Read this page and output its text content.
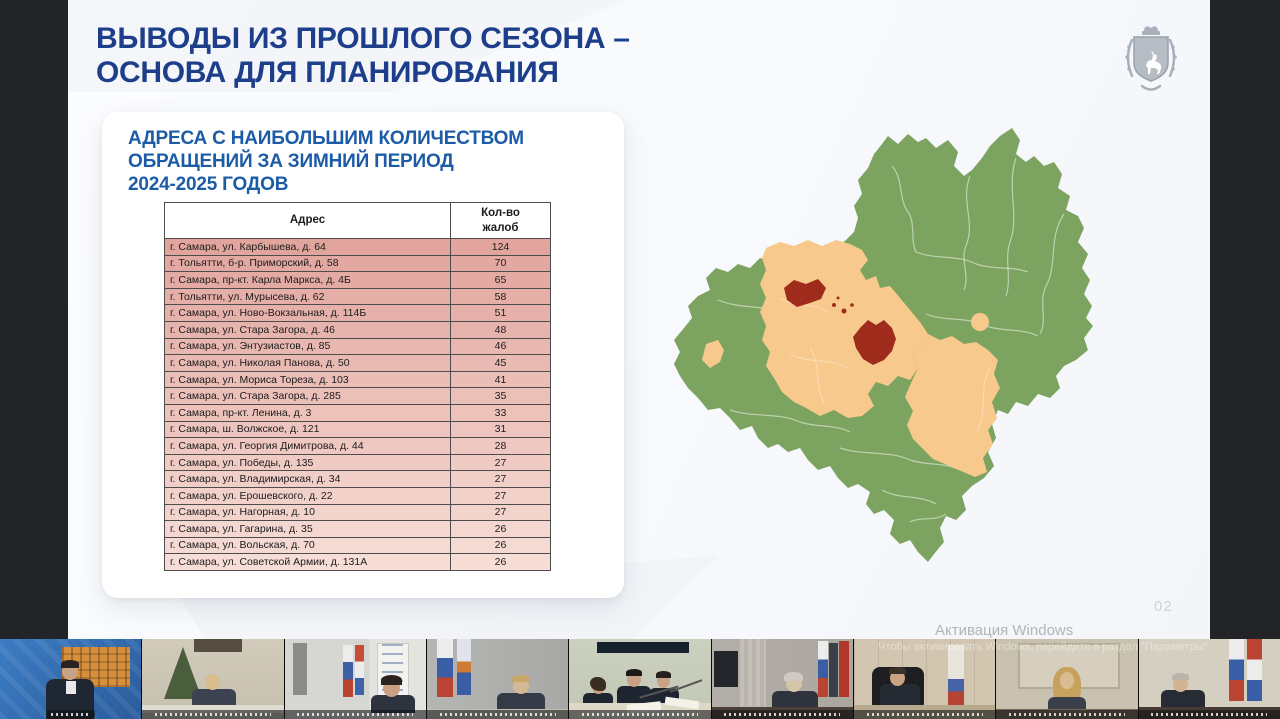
ВЫВОДЫ ИЗ ПРОШЛОГО СЕЗОНА –
ОСНОВА ДЛЯ ПЛАНИРОВАНИЯ
АДРЕСА С НАИБОЛЬШИМ КОЛИЧЕСТВОМ
ОБРАЩЕНИЙ ЗА ЗИМНИЙ ПЕРИОД
2024-2025 ГОДОВ
Адрес	Кол-во
жалоб

г. Самара, ул. Карбышева, д. 64	124
г. Тольятти, б-р. Приморский, д. 58	70
г. Самара, пр-кт. Карла Маркса, д. 4Б	65
г. Тольятти, ул. Мурысева, д. 62	58
г. Самара, ул. Ново-Вокзальная, д. 114Б	51
г. Самара, ул. Стара Загора, д. 46	48
г. Самара, ул. Энтузиастов, д. 85	46
г. Самара, ул. Николая Панова, д. 50	45
г. Самара, ул. Мориса Тореза, д. 103	41
г. Самара, ул. Стара Загора, д. 285	35
г. Самара, пр-кт. Ленина, д. 3	33
г. Самара, ш. Волжское, д. 121	31
г. Самара, ул. Георгия Димитрова, д. 44	28
г. Самара, ул. Победы, д. 135	27
г. Самара, ул. Владимирская, д. 34	27
г. Самара, ул. Ерошевского, д. 22	27
г. Самара, ул. Нагорная, д. 10	27
г. Самара, ул. Гагарина, д. 35	26
г. Самара, ул. Вольская, д. 70	26
г. Самара, ул. Советской Армии, д. 131А	26
02
Активация Windows
Чтобы активировать Windows, перейдите в раздел "Параметры".
